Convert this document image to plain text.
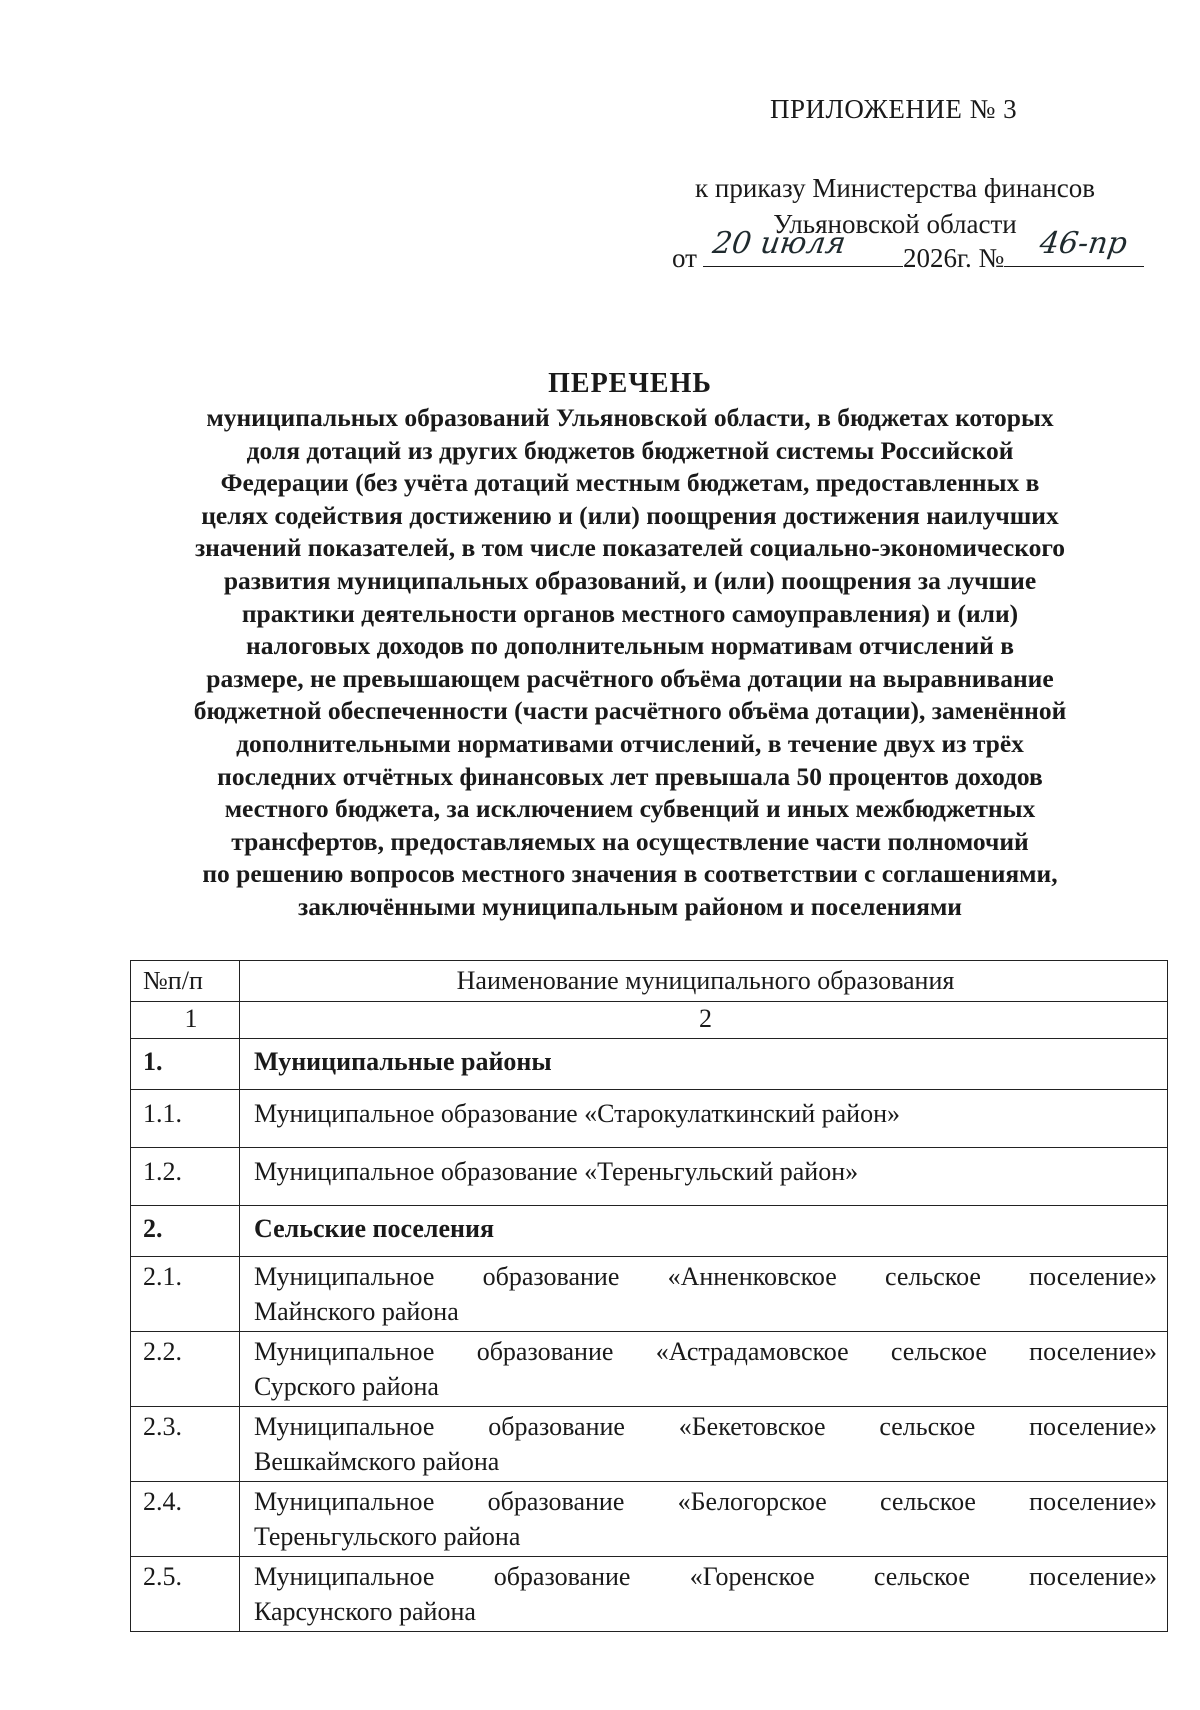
ПРИЛОЖЕНИЕ № 3
к приказу Министерства финансов
Ульяновской области
от 20 июля 2026г. № 46-пр
ПЕРЕЧЕНЬ
муниципальных образований Ульяновской области, в бюджетах которых
доля дотаций из других бюджетов бюджетной системы Российской
Федерации (без учёта дотаций местным бюджетам, предоставленных в
целях содействия достижению и (или) поощрения достижения наилучших
значений показателей, в том числе показателей социально-экономического
развития муниципальных образований, и (или) поощрения за лучшие
практики деятельности органов местного самоуправления) и (или)
налоговых доходов по дополнительным нормативам отчислений в
размере, не превышающем расчётного объёма дотации на выравнивание
бюджетной обеспеченности (части расчётного объёма дотации), заменённой
дополнительными нормативами отчислений, в течение двух из трёх
последних отчётных финансовых лет превышала 50 процентов доходов
местного бюджета, за исключением субвенций и иных межбюджетных
трансфертов, предоставляемых на осуществление части полномочий
по решению вопросов местного значения в соответствии с соглашениями,
заключёнными муниципальным районом и поселениями
№п/п	Наименование муниципального образования
1	2
1.	Муниципальные районы
1.1.	Муниципальное образование «Старокулаткинский район»
1.2.	Муниципальное образование «Тереньгульский район»
2.	Сельские поселения
2.1.	Муниципальное образование «Анненковское сельское поселение»
Майнского района

2.2.	Муниципальное образование «Астрадамовское сельское поселение»
Сурского района

2.3.	Муниципальное образование «Бекетовское сельское поселение»
Вешкаймского района

2.4.	Муниципальное образование «Белогорское сельское поселение»
Тереньгульского района

2.5.	Муниципальное образование «Горенское сельское поселение»
Карсунского района
